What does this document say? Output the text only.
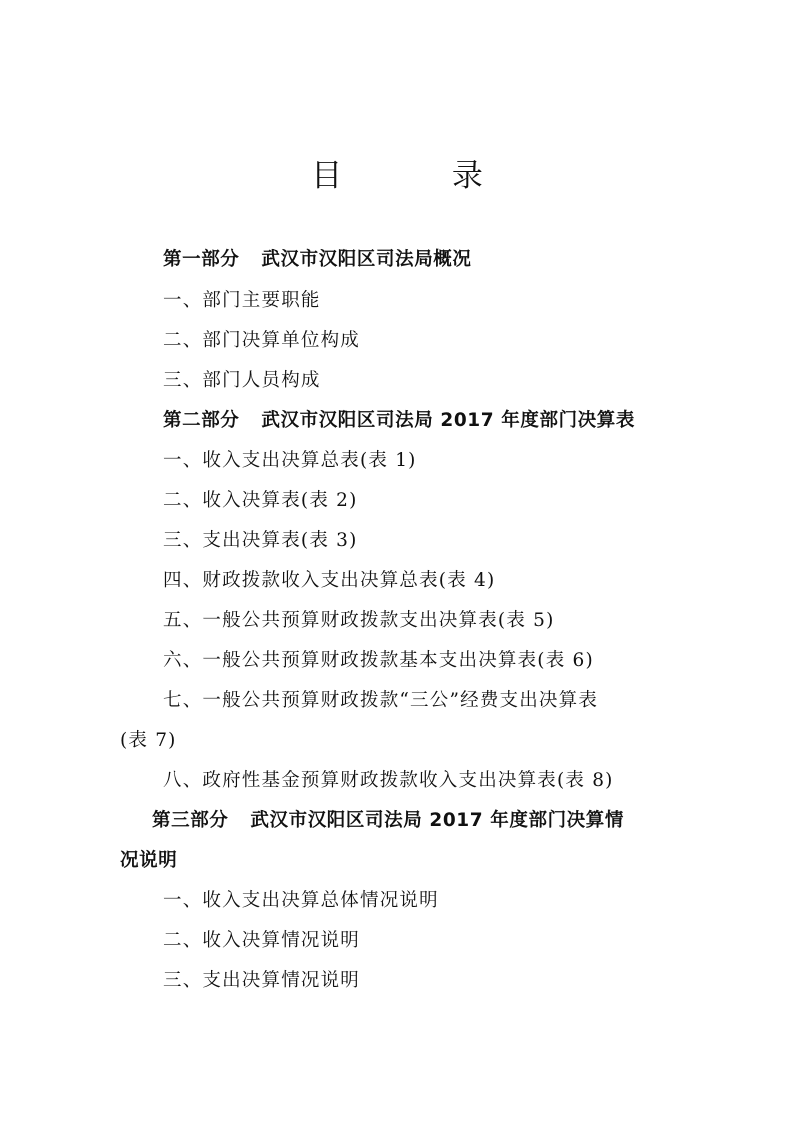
目 录
第一部分 武汉市汉阳区司法局概况
一、部门主要职能
二、部门决算单位构成
三、部门人员构成
第二部分 武汉市汉阳区司法局 2017 年度部门决算表
一、收入支出决算总表(表 1)
二、收入决算表(表 2)
三、支出决算表(表 3)
四、财政拨款收入支出决算总表(表 4)
五、一般公共预算财政拨款支出决算表(表 5)
六、一般公共预算财政拨款基本支出决算表(表 6)
七、一般公共预算财政拨款“三公”经费支出决算表
(表 7)
八、政府性基金预算财政拨款收入支出决算表(表 8)
第三部分 武汉市汉阳区司法局 2017 年度部门决算情
况说明
一、收入支出决算总体情况说明
二、收入决算情况说明
三、支出决算情况说明
